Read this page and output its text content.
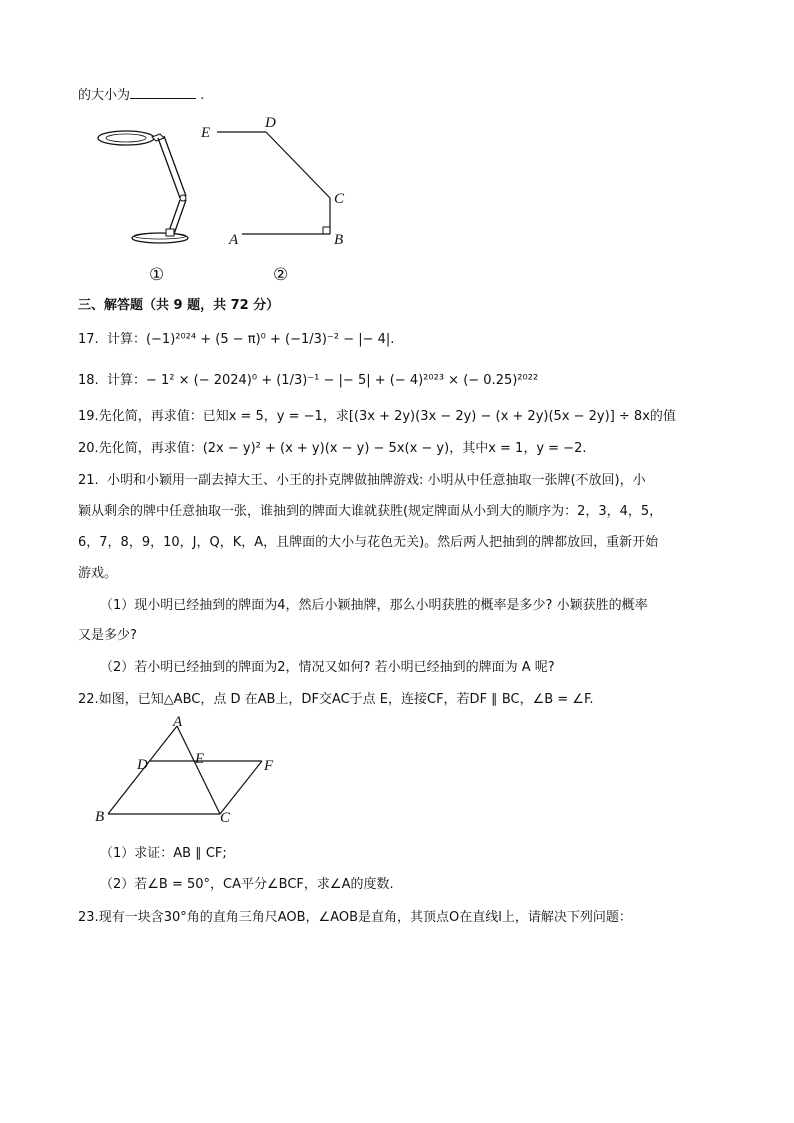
的大小为	.
E
D
C
A	B
①	②
三、解答题（共 9 题，共 72 分）
17. 计算：(−1)²⁰²⁴ + (5 − π)⁰ + (−1/3)⁻² − |− 4|.
18. 计算：− 1² × (− 2024)⁰ + (1/3)⁻¹ − |− 5| + (− 4)²⁰²³ × (− 0.25)²⁰²²
19.先化简，再求值：已知x = 5，y = −1，求[(3x + 2y)(3x − 2y) − (x + 2y)(5x − 2y)] ÷ 8x的值
20.先化简，再求值：(2x − y)² + (x + y)(x − y) − 5x(x − y)，其中x = 1，y = −2.
21. 小明和小颖用一副去掉大王、小王的扑克牌做抽牌游戏: 小明从中任意抽取一张牌(不放回)，小
颖从剩余的牌中任意抽取一张，谁抽到的牌面大谁就获胜(规定牌面从小到大的顺序为：2，3，4，5，
6，7，8，9，10，J，Q，K，A，且牌面的大小与花色无关)。然后两人把抽到的牌都放回，重新开始
游戏。
（1）现小明已经抽到的牌面为4，然后小颖抽牌，那么小明获胜的概率是多少? 小颖获胜的概率
又是多少?
（2）若小明已经抽到的牌面为2，情况又如何? 若小明已经抽到的牌面为 A 呢?
22.如图，已知△ABC，点 D 在AB上，DF交AC于点 E，连接CF，若DF ∥ BC，∠B = ∠F.
A
D	E	F
B	C
（1）求证：AB ∥ CF;
（2）若∠B = 50°，CA平分∠BCF，求∠A的度数.
23.现有一块含30°角的直角三角尺AOB，∠AOB是直角，其顶点O在直线l上，请解决下列问题：
